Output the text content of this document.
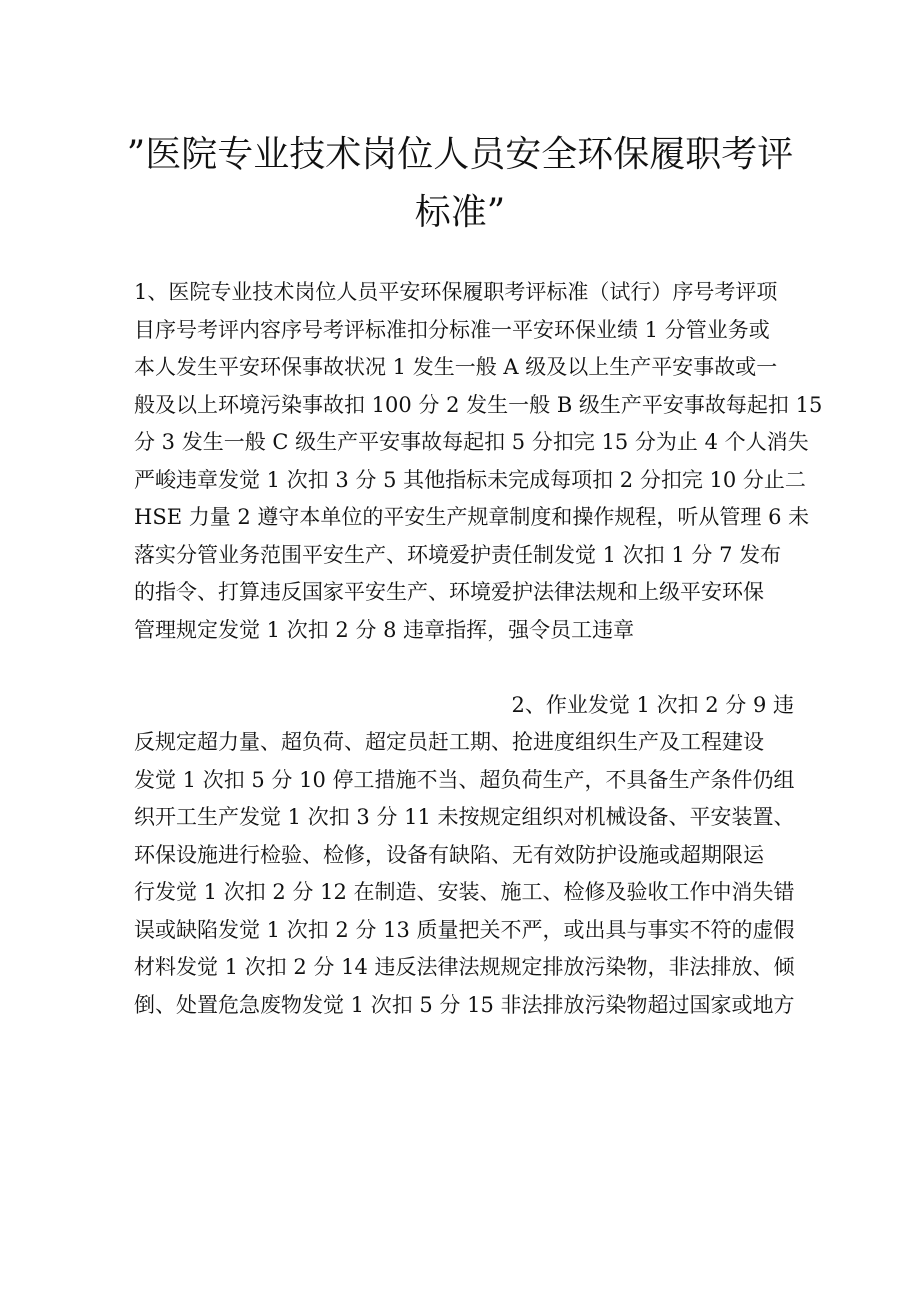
”医院专业技术岗位人员安全环保履职考评
标准”
1、医院专业技术岗位人员平安环保履职考评标准（试行）序号考评项
目序号考评内容序号考评标准扣分标准一平安环保业绩 1 分管业务或
本人发生平安环保事故状况 1 发生一般 A 级及以上生产平安事故或一
般及以上环境污染事故扣 100 分 2 发生一般 B 级生产平安事故每起扣 15
分 3 发生一般 C 级生产平安事故每起扣 5 分扣完 15 分为止 4 个人消失
严峻违章发觉 1 次扣 3 分 5 其他指标未完成每项扣 2 分扣完 10 分止二
HSE 力量 2 遵守本单位的平安生产规章制度和操作规程，听从管理 6 未
落实分管业务范围平安生产、环境爱护责任制发觉 1 次扣 1 分 7 发布
的指令、打算违反国家平安生产、环境爱护法律法规和上级平安环保
管理规定发觉 1 次扣 2 分 8 违章指挥，强令员工违章
2、作业发觉 1 次扣 2 分 9 违
反规定超力量、超负荷、超定员赶工期、抢进度组织生产及工程建设
发觉 1 次扣 5 分 10 停工措施不当、超负荷生产，不具备生产条件仍组
织开工生产发觉 1 次扣 3 分 11 未按规定组织对机械设备、平安装置、
环保设施进行检验、检修，设备有缺陷、无有效防护设施或超期限运
行发觉 1 次扣 2 分 12 在制造、安装、施工、检修及验收工作中消失错
误或缺陷发觉 1 次扣 2 分 13 质量把关不严，或出具与事实不符的虚假
材料发觉 1 次扣 2 分 14 违反法律法规规定排放污染物，非法排放、倾
倒、处置危急废物发觉 1 次扣 5 分 15 非法排放污染物超过国家或地方
